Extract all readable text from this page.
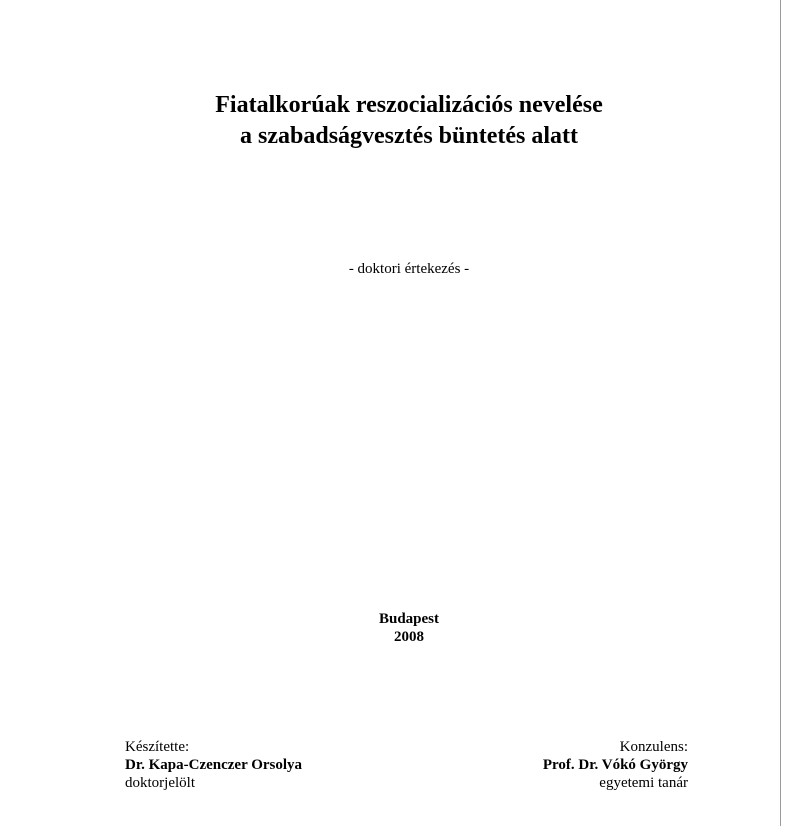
Fiatalkorúak reszocializációs nevelése
a szabadságvesztés büntetés alatt
- doktori értekezés -
Budapest
2008
Készítette:
Dr. Kapa-Czenczer Orsolya
doktorjelölt
Konzulens:
Prof. Dr. Vókó György
egyetemi tanár
